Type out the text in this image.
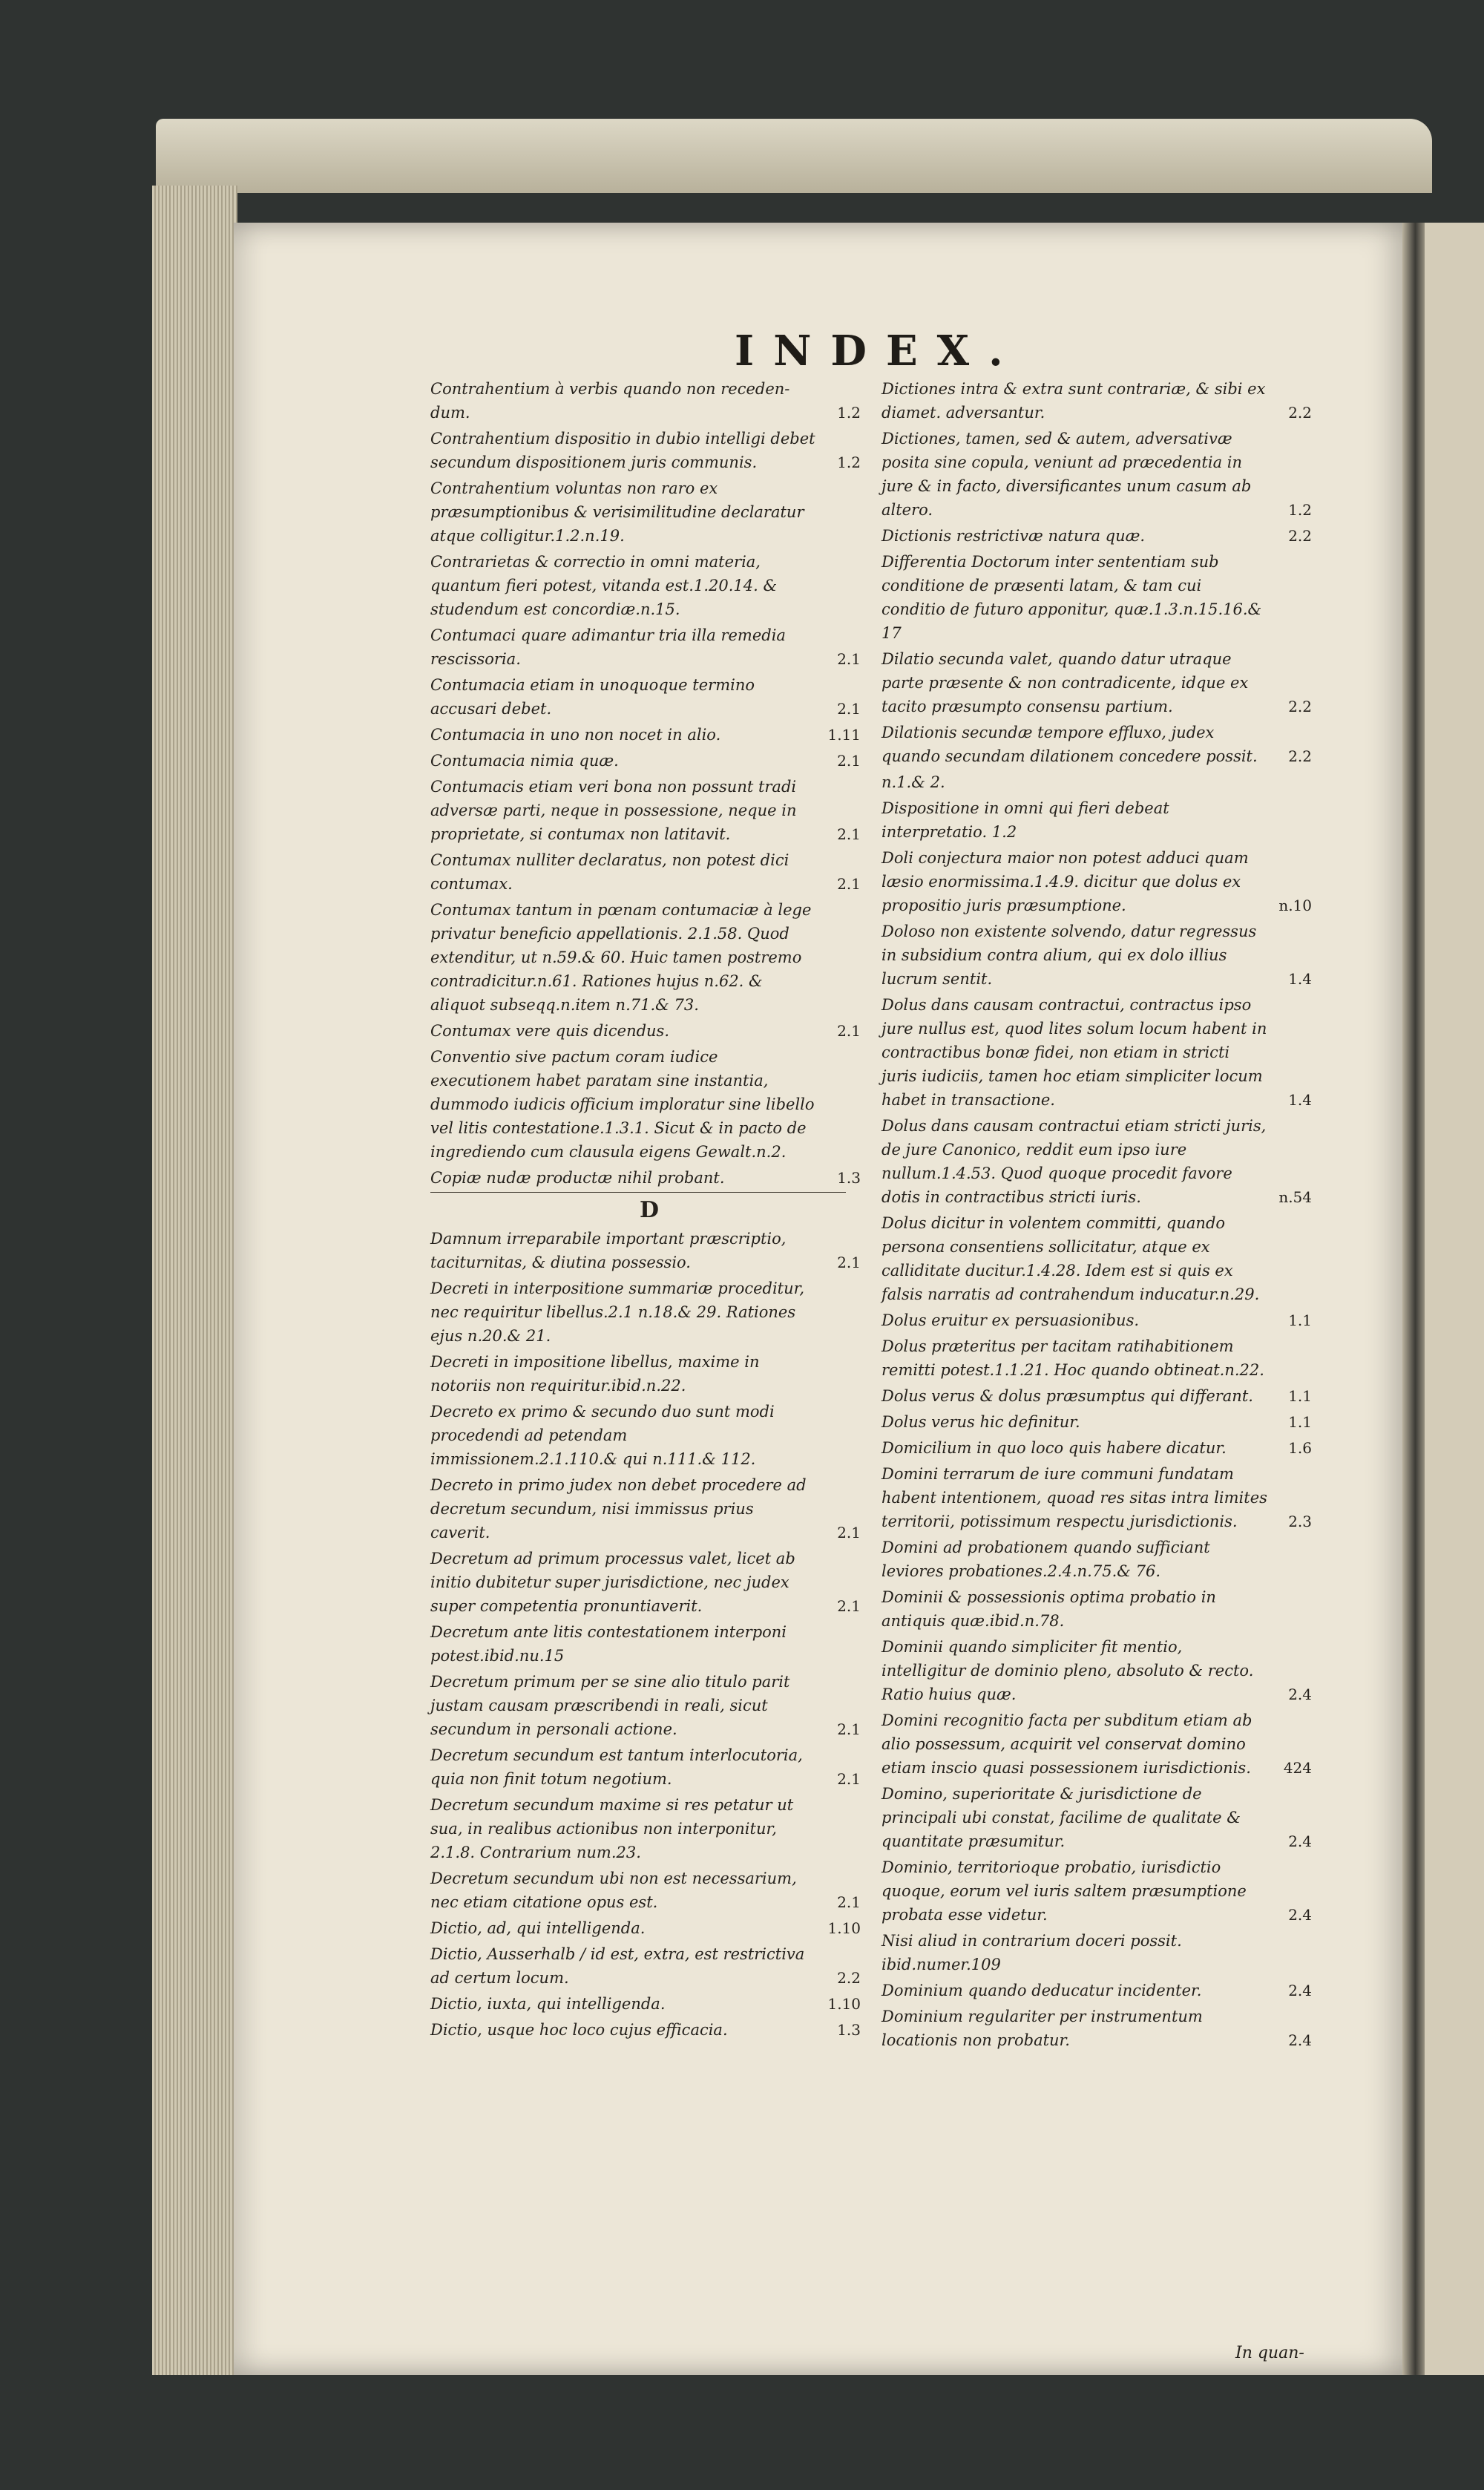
INDEX.
Contrahentium à verbis quando non receden- dum.	1.2
Contrahentium dispositio in dubio intelligi debet secundum dispositionem juris communis.	1.2
Contrahentium voluntas non raro ex præsumptionibus & verisimilitudine declaratur atque colligitur.1.2.n.19.
Contrarietas & correctio in omni materia, quantum fieri potest, vitanda est.1.20.14. & studendum est concordiæ.n.15.
Contumaci quare adimantur tria illa remedia rescissoria.	2.1
Contumacia etiam in unoquoque termino accusari debet.	2.1
Contumacia in uno non nocet in alio.	1.11
Contumacia nimia quæ.	2.1
Contumacis etiam veri bona non possunt tradi adversæ parti, neque in possessione, neque in proprietate, si contumax non latitavit.	2.1
Contumax nulliter declaratus, non potest dici contumax.	2.1
Contumax tantum in pœnam contumaciæ à lege privatur beneficio appellationis. 2.1.58. Quod extenditur, ut n.59.& 60. Huic tamen postremo contradicitur.n.61. Rationes hujus n.62. & aliquot subseqq.n.item n.71.& 73.
Contumax vere quis dicendus.	2.1
Conventio sive pactum coram iudice executionem habet paratam sine instantia, dummodo iudicis officium imploratur sine libello vel litis contestatione.1.3.1. Sicut & in pacto de ingrediendo cum clausula eigens Gewalt.n.2.
Copiæ nudæ productæ nihil probant.	1.3
D
Damnum irreparabile important præscriptio, taciturnitas, & diutina possessio.	2.1
Decreti in interpositione summariæ proceditur, nec requiritur libellus.2.1 n.18.& 29. Rationes ejus n.20.& 21.
Decreti in impositione libellus, maxime in notoriis non requiritur.ibid.n.22.
Decreto ex primo & secundo duo sunt modi procedendi ad petendam immissionem.2.1.110.& qui n.111.& 112.
Decreto in primo judex non debet procedere ad decretum secundum, nisi immissus prius caverit.	2.1
Decretum ad primum processus valet, licet ab initio dubitetur super jurisdictione, nec judex super competentia pronuntiaverit.	2.1
Decretum ante litis contestationem interponi potest.ibid.nu.15
Decretum primum per se sine alio titulo parit justam causam præscribendi in reali, sicut secundum in personali actione.	2.1
Decretum secundum est tantum interlocutoria, quia non finit totum negotium.	2.1
Decretum secundum maxime si res petatur ut sua, in realibus actionibus non interponitur, 2.1.8. Contrarium num.23.
Decretum secundum ubi non est necessarium, nec etiam citatione opus est.	2.1
Dictio, ad, qui intelligenda.	1.10
Dictio, Ausserhalb / id est, extra, est restrictiva ad certum locum.	2.2
Dictio, iuxta, qui intelligenda.	1.10
Dictio, usque hoc loco cujus efficacia.	1.3
Dictiones intra & extra sunt contrariæ, & sibi ex diamet. adversantur.	2.2
Dictiones, tamen, sed & autem, adversativæ posita sine copula, veniunt ad præcedentia in jure & in facto, diversificantes unum casum ab altero.	1.2
Dictionis restrictivæ natura quæ.	2.2
Differentia Doctorum inter sententiam sub conditione de præsenti latam, & tam cui conditio de futuro apponitur, quæ.1.3.n.15.16.& 17
Dilatio secunda valet, quando datur utraque parte præsente & non contradicente, idque ex tacito præsumpto consensu partium.	2.2
Dilationis secundæ tempore effluxo, judex quando secundam dilationem concedere possit. 2.2
n.1.& 2.
Dispositione in omni qui fieri debeat interpretatio. 1.2
Doli conjectura maior non potest adduci quam læsio enormissima.1.4.9. dicitur que dolus ex propositio juris præsumptione.	n.10
Doloso non existente solvendo, datur regressus in subsidium contra alium, qui ex dolo illius lucrum sentit.	1.4
Dolus dans causam contractui, contractus ipso jure nullus est, quod lites solum locum habent in contractibus bonæ fidei, non etiam in stricti juris iudiciis, tamen hoc etiam simpliciter locum habet in transactione.	1.4
Dolus dans causam contractui etiam stricti juris, de jure Canonico, reddit eum ipso iure nullum.1.4.53. Quod quoque procedit favore dotis in contractibus stricti iuris.	n.54
Dolus dicitur in volentem committi, quando persona consentiens sollicitatur, atque ex calliditate ducitur.1.4.28. Idem est si quis ex falsis narratis ad contrahendum inducatur.n.29.
Dolus eruitur ex persuasionibus.	1.1
Dolus præteritus per tacitam ratihabitionem remitti potest.1.1.21. Hoc quando obtineat.n.22.
Dolus verus & dolus præsumptus qui differant. 1.1
Dolus verus hic definitur.	1.1
Domicilium in quo loco quis habere dicatur.	1.6
Domini terrarum de iure communi fundatam habent intentionem, quoad res sitas intra limites territorii, potissimum respectu jurisdictionis.	2.3
Domini ad probationem quando sufficiant leviores probationes.2.4.n.75.& 76.
Dominii & possessionis optima probatio in antiquis quæ.ibid.n.78.
Dominii quando simpliciter fit mentio, intelligitur de dominio pleno, absoluto & recto. Ratio huius quæ.	2.4
Domini recognitio facta per subditum etiam ab alio possessum, acquirit vel conservat domino etiam inscio quasi possessionem iurisdictionis. 424
Domino, superioritate & jurisdictione de principali ubi constat, facilime de qualitate & quantitate præsumitur.	2.4
Dominio, territorioque probatio, iurisdictio quoque, eorum vel iuris saltem præsumptione probata esse videtur.	2.4
Nisi aliud in contrarium doceri possit. ibid.numer.109
Dominium quando deducatur incidenter.	2.4
Dominium regulariter per instrumentum locationis non probatur.	2.4
In quan-
